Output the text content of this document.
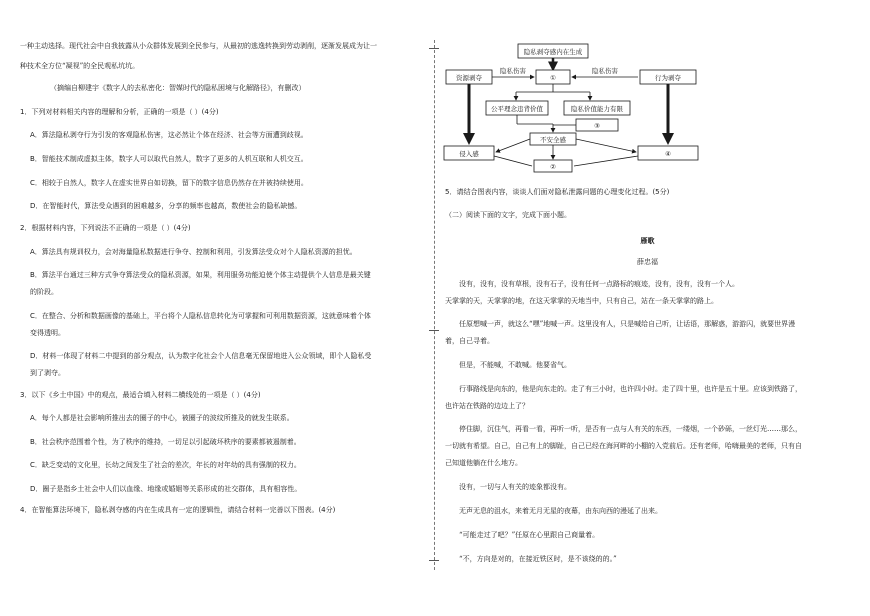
一种主动选择。现代社会中自我披露从小众群体发展到全民参与，从最初的逃逸转换到劳动剥削，逐渐发展成为让一
种技术全方位“凝视”的全民观私坑坑。
（摘编自柳建宇《数字人的去私密化：智媒时代的隐私困境与化解路径》，有删改）
1．下列对材料相关内容的理解和分析，正确的一项是（ ）(4分)
A．算法隐私剥夺行为引发的客观隐私伤害，这必然让个体在经济、社会等方面遭到歧视。
B．智能技术制成虚拟主体，数字人可以取代自然人，数字了更多的人机互联和人机交互。
C．相较于自然人，数字人在虚实世界自如切换，留下的数字信息仍然存在并被持续使用。
D．在智能时代，算法受众遇到的困难越多，分享的频率也越高，数使社会的隐私缺憾。
2．根据材料内容，下列说法不正确的一项是（ ）(4分)
A．算法具有规训权力，会对海量隐私数据进行争夺、控制和利用，引发算法受众对个人隐私资源的担忧。
B．算法平台通过三种方式争夺算法受众的隐私资源，如果，利用服务功能迫使个体主动提供个人信息是最关键
的阶段。
C．在整合、分析和数据画像的基础上，平台将个人隐私信息转化为可掌握和可利用数据资源，这就意味着个体
变得透明。
D．材料一体现了材料二中提到的部分观点，认为数字化社会个人信息毫无保留地进入公众领域，即个人隐私受
到了剥夺。
3．以下《乡土中国》中的观点，最适合填入材料二横线处的一项是（ ）(4分)
A．每个人都是社会影响所推出去的圈子的中心，被圈子的波纹所推及的就发生联系。
B．社会秩序范围着个性，为了秩序的维持，一切足以引起破坏秩序的要素都被遏制着。
C．缺乏变动的文化里，长幼之间发生了社会的差次，年长的对年幼的具有强制的权力。
D．圈子是指乡土社会中人们以血缘、地缘或婚姻等关系形成的社交群体，具有相容性。
4．在智能算法环境下，隐私剥夺感的内在生成具有一定的逻辑性，请结合材料一完善以下图表。(4分)
隐私剥夺感内在生成
资源剥夺	①	行为剥夺
隐私伤害	隐私伤害
公平理念违背价值	隐私价值能力有限
③
不安全感
侵入感
②
④
5．请结合图表内容，谈谈人们面对隐私泄露问题的心理变化过程。(5分)
（二）阅读下面的文字，完成下面小题。
雁歌
薛忠福
没有，没有，没有草根，没有石子，没有任何一点路标的痕迹，没有，没有，没有一个人。
天掌掌的天，天掌掌的地，在这天掌掌的天地当中，只有自己，站在一条天掌掌的路上。
任原想喊一声，就这么“嘿”地喊一声。这里没有人，只是喊给自己听，让话语，那解惑，游游闪，就要世界漫
着，自己寻着。
但是，不能喊，不敢喊。他要省气。
行事路线是向东的，他是向东走的。走了有三小时，也许四小时。走了四十里，也许是五十里。应该到铁路了，
也许站在铁路的边边上了？
停住脚，沉住气，再看一看，再听一听，是否有一点与人有关的东西，一缕烟，一个砂砾，一丝灯光……那么，
一切就有希望。自己，自己有上的脚趾，自己已经在海河畔的小棚的入党前后。还有老师，哈嗨最美的老师，只有自
己知道他躺在什么地方。
没有，一切与人有关的迹象都没有。
无声无息的沮水，来着无月无星的夜幕，由东向西的漫延了出来。
“可能走过了吧？”任原在心里跟自己商量着。
“不，方向是对的，在接近铁区时，是不该绕的的。”
